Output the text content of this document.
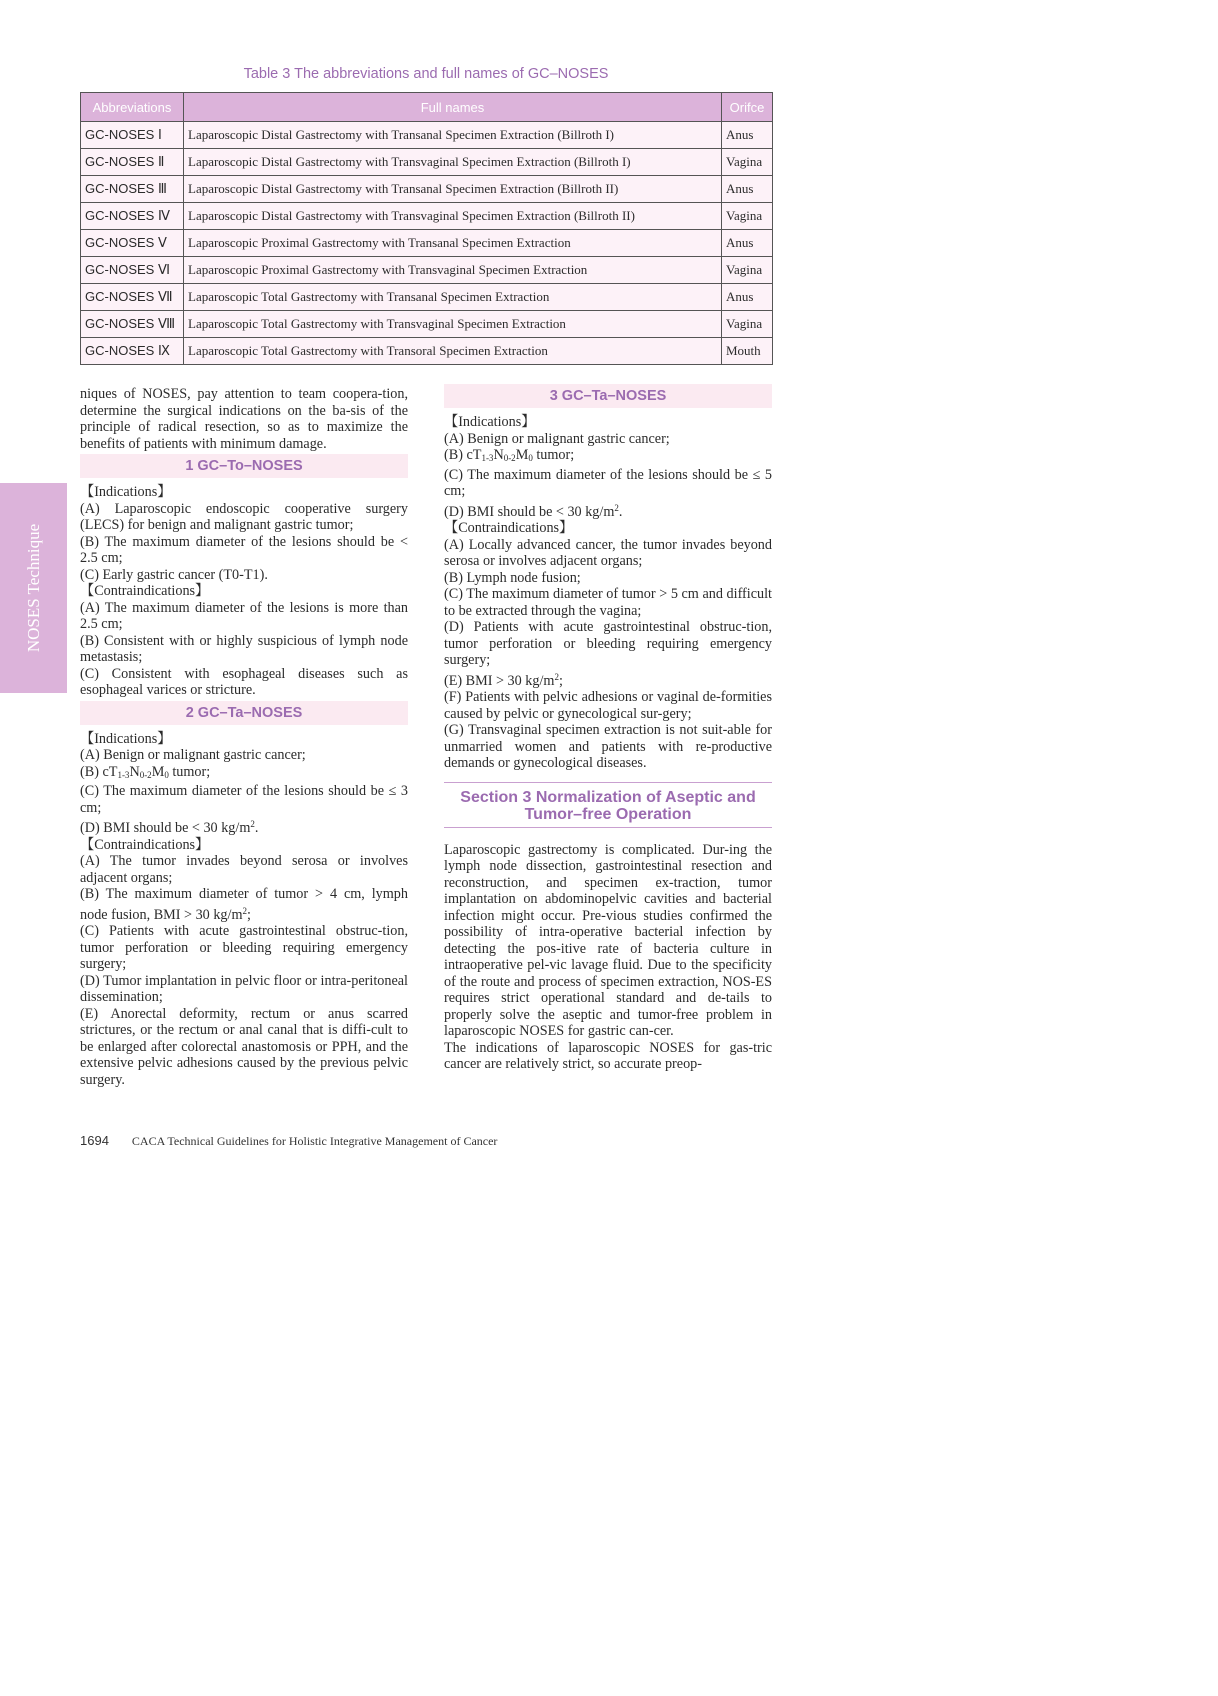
Table 3 The abbreviations and full names of GC–NOSES
Abbreviations	Full names	Orifce
GC-NOSES Ⅰ	Laparoscopic Distal Gastrectomy with Transanal Specimen Extraction (Billroth I)	Anus
GC-NOSES Ⅱ	Laparoscopic Distal Gastrectomy with Transvaginal Specimen Extraction (Billroth I)	Vagina
GC-NOSES Ⅲ	Laparoscopic Distal Gastrectomy with Transanal Specimen Extraction (Billroth II)	Anus
GC-NOSES Ⅳ	Laparoscopic Distal Gastrectomy with Transvaginal Specimen Extraction (Billroth II)	Vagina
GC-NOSES Ⅴ	Laparoscopic Proximal Gastrectomy with Transanal Specimen Extraction	Anus
GC-NOSES Ⅵ	Laparoscopic Proximal Gastrectomy with Transvaginal Specimen Extraction	Vagina
GC-NOSES Ⅶ	Laparoscopic Total Gastrectomy with Transanal Specimen Extraction	Anus
GC-NOSES Ⅷ	Laparoscopic Total Gastrectomy with Transvaginal Specimen Extraction	Vagina
GC-NOSES Ⅸ	Laparoscopic Total Gastrectomy with Transoral Specimen Extraction	Mouth
NOSES Technique

niques of NOSES, pay attention to team coopera-tion, determine the surgical indications on the ba-sis of the principle of radical resection, so as to maximize the benefits of patients with minimum damage.

1 GC–To–NOSES

【Indications】

(A) Laparoscopic endoscopic cooperative surgery (LECS) for benign and malignant gastric tumor;

(B) The maximum diameter of the lesions should be < 2.5 cm;

(C) Early gastric cancer (T0-T1).

【Contraindications】

(A) The maximum diameter of the lesions is more than 2.5 cm;

(B) Consistent with or highly suspicious of lymph node metastasis;

(C) Consistent with esophageal diseases such as esophageal varices or stricture.

2 GC–Ta–NOSES

【Indications】

(A) Benign or malignant gastric cancer;

(B) $cT_{1-3}N_{0-2}M_0$ tumor;

(C) The maximum diameter of the lesions should be ≤ 3 cm;

(D) BMI should be < 30 $kg/m^2$.

【Contraindications】

(A) The tumor invades beyond serosa or involves adjacent organs;

(B) The maximum diameter of tumor > 4 cm, lymph node fusion, BMI > 30 $kg/m^2$;

(C) Patients with acute gastrointestinal obstruc-tion, tumor perforation or bleeding requiring emergency surgery;

(D) Tumor implantation in pelvic floor or intra-peritoneal dissemination;

(E) Anorectal deformity, rectum or anus scarred strictures, or the rectum or anal canal that is diffi-cult to be enlarged after colorectal anastomosis or PPH, and the extensive pelvic adhesions caused by the previous pelvic surgery.

3 GC–Ta–NOSES

【Indications】

(A) Benign or malignant gastric cancer;

(B) $cT_{1-3}N_{0-2}M_0$ tumor;

(C) The maximum diameter of the lesions should be ≤ 5 cm;

(D) BMI should be < 30 $kg/m^2$.

【Contraindications】

(A) Locally advanced cancer, the tumor invades beyond serosa or involves adjacent organs;

(B) Lymph node fusion;

(C) The maximum diameter of tumor > 5 cm and difficult to be extracted through the vagina;

(D) Patients with acute gastrointestinal obstruc-tion, tumor perforation or bleeding requiring emergency surgery;

(E) BMI > 30 $kg/m^2$;

(F) Patients with pelvic adhesions or vaginal de-formities caused by pelvic or gynecological sur-gery;

(G) Transvaginal specimen extraction is not suit-able for unmarried women and patients with re-productive demands or gynecological diseases.

Section 3 Normalization of Aseptic and
Tumor–free Operation

Laparoscopic gastrectomy is complicated. Dur-ing the lymph node dissection, gastrointestinal resection and reconstruction, and specimen ex-traction, tumor implantation on abdominopelvic cavities and bacterial infection might occur. Pre-vious studies confirmed the possibility of intra-operative bacterial infection by detecting the pos-itive rate of bacteria culture in intraoperative pel-vic lavage fluid. Due to the specificity of the route and process of specimen extraction, NOS-ES requires strict operational standard and de-tails to properly solve the aseptic and tumor-free problem in laparoscopic NOSES for gastric can-cer.

The indications of laparoscopic NOSES for gas-tric cancer are relatively strict, so accurate preop-

1694 CACA Technical Guidelines for Holistic Integrative Management of Cancer
